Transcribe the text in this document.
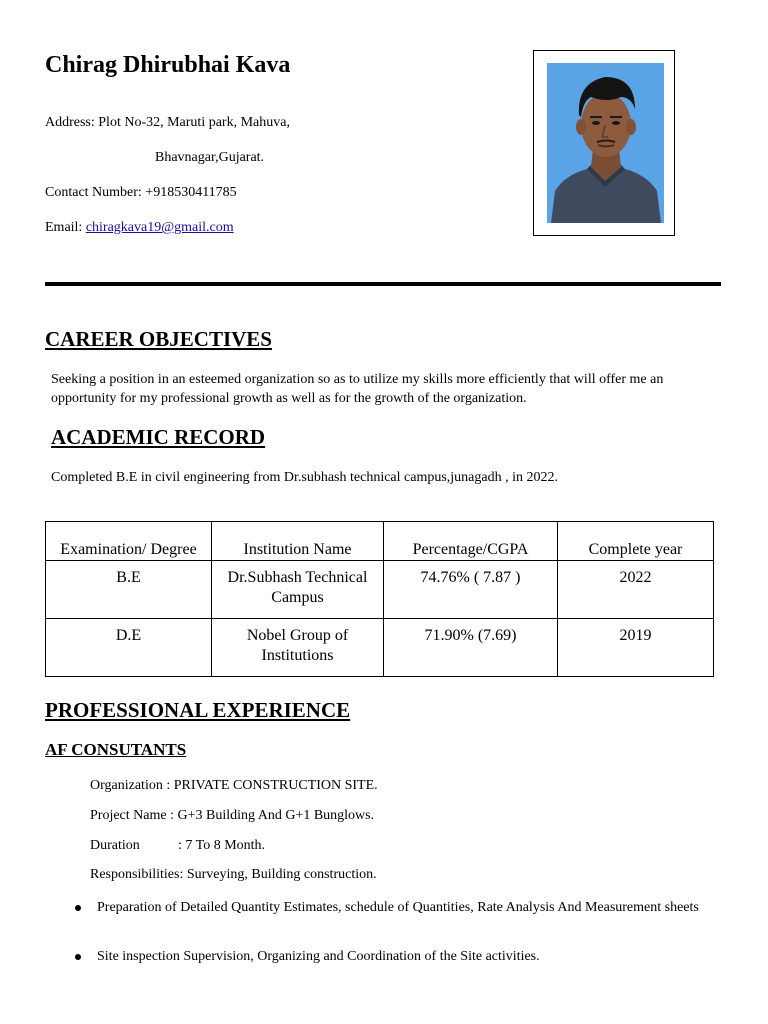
Chirag Dhirubhai Kava
Address: Plot No-32, Maruti park, Mahuva,
Bhavnagar,Gujarat.
Contact Number: +918530411785
Email: chiragkava19@gmail.com
CAREER OBJECTIVES
Seeking a position in an esteemed organization so as to utilize my skills more efficiently that will offer me an opportunity for my professional growth as well as for the growth of the organization.
ACADEMIC RECORD
Completed B.E in civil engineering from Dr.subhash technical campus,junagadh , in 2022.
Examination/ Degree	Institution Name	Percentage/CGPA	Complete year
B.E	Dr.Subhash Technical Campus	74.76% ( 7.87 )	2022
D.E	Nobel Group of Institutions	71.90% (7.69)	2019
PROFESSIONAL EXPERIENCE
AF CONSUTANTS
Organization : PRIVATE CONSTRUCTION SITE.
Project Name : G+3 Building And G+1 Bunglows.
Duration	: 7 To 8 Month.
Responsibilities: Surveying, Building construction.
Preparation of Detailed Quantity Estimates, schedule of Quantities, Rate Analysis And Measurement sheets
Site inspection Supervision, Organizing and Coordination of the Site activities.
